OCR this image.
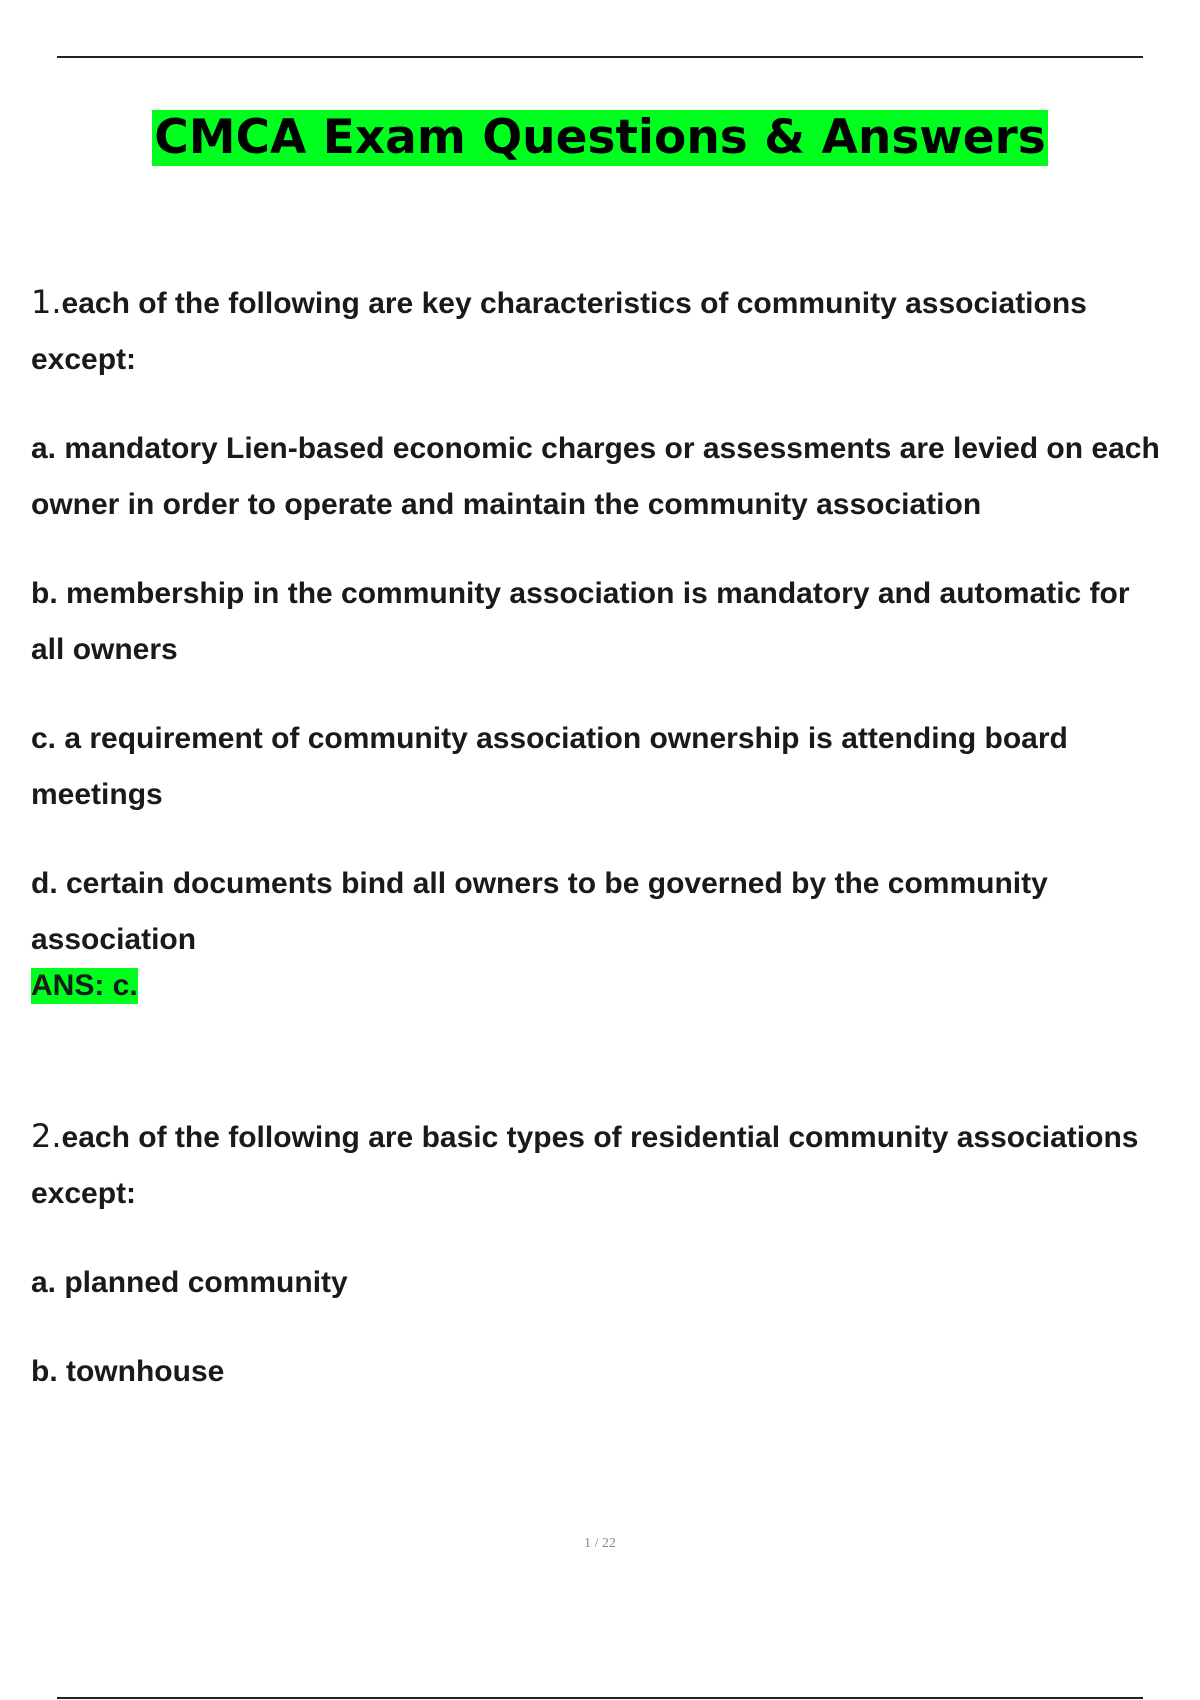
CMCA Exam Questions & Answers

1.each of the following are key characteristics of community associations except:

a. mandatory Lien-based economic charges or assessments are levied on each owner in order to operate and maintain the community association

b. membership in the community association is mandatory and automatic for all owners

c. a requirement of community association ownership is attending board meetings

d. certain documents bind all owners to be governed by the community association

ANS: c.

2.each of the following are basic types of residential community associations except:

a. planned community

b. townhouse

1 / 22
